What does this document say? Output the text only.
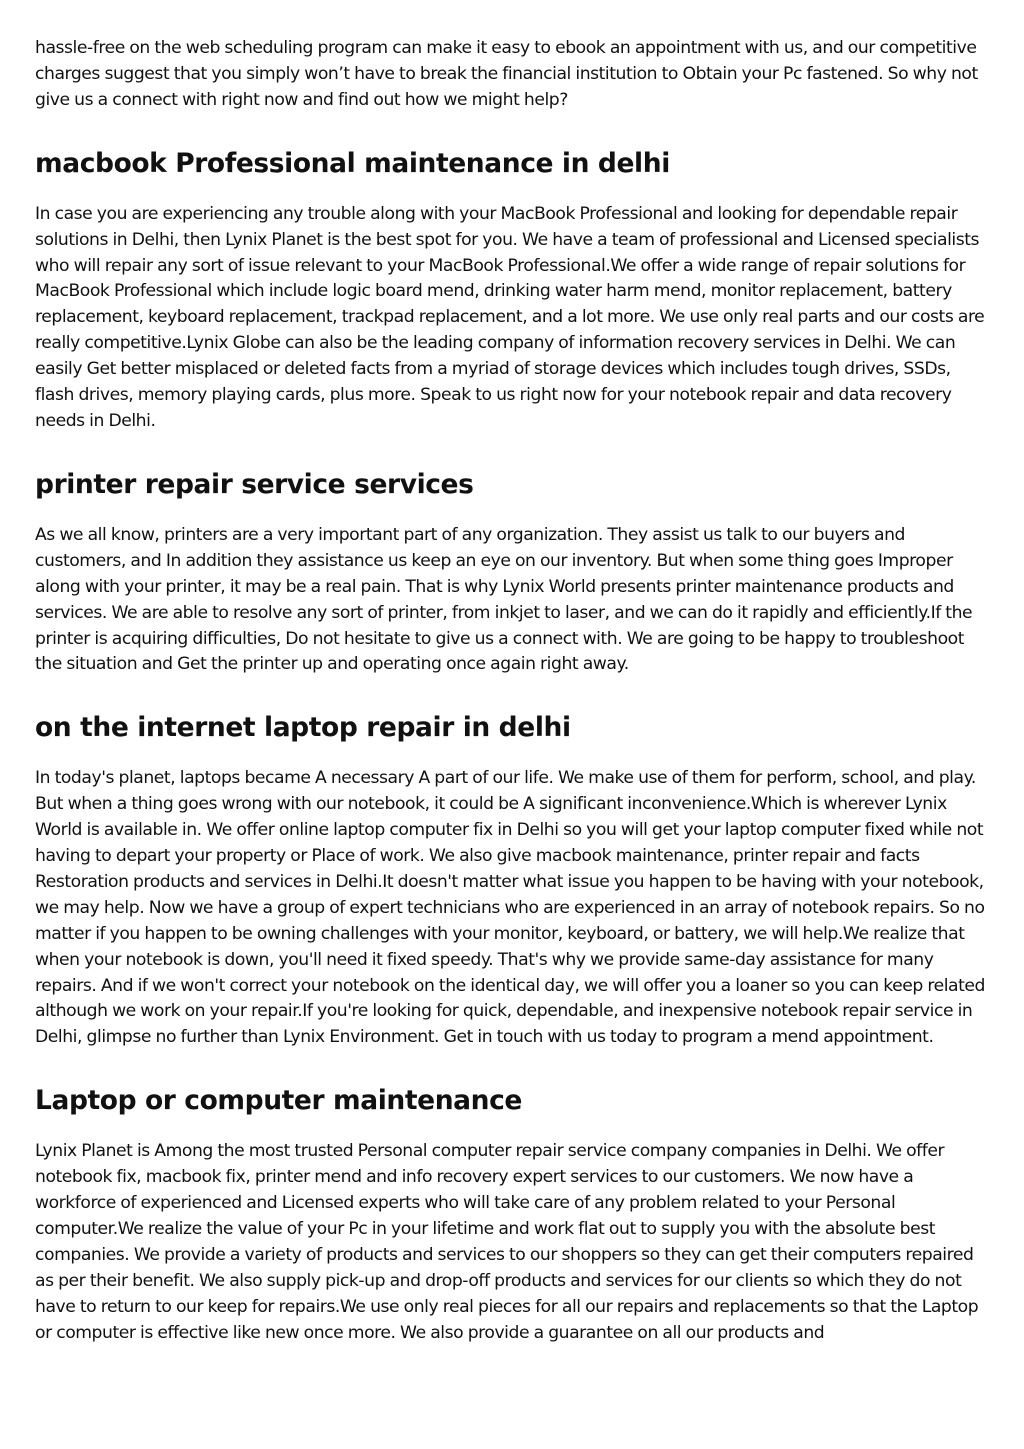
hassle-free on the web scheduling program can make it easy to ebook an appointment with us, and our competitive charges suggest that you simply won’t have to break the financial institution to Obtain your Pc fastened. So why not give us a connect with right now and find out how we might help?

macbook Professional maintenance in delhi

In case you are experiencing any trouble along with your MacBook Professional and looking for dependable repair solutions in Delhi, then Lynix Planet is the best spot for you. We have a team of professional and Licensed specialists who will repair any sort of issue relevant to your MacBook Professional.We offer a wide range of repair solutions for MacBook Professional which include logic board mend, drinking water harm mend, monitor replacement, battery replacement, keyboard replacement, trackpad replacement, and a lot more. We use only real parts and our costs are really competitive.Lynix Globe can also be the leading company of information recovery services in Delhi. We can easily Get better misplaced or deleted facts from a myriad of storage devices which includes tough drives, SSDs, flash drives, memory playing cards, plus more. Speak to us right now for your notebook repair and data recovery needs in Delhi.

printer repair service services

As we all know, printers are a very important part of any organization. They assist us talk to our buyers and customers, and In addition they assistance us keep an eye on our inventory. But when some thing goes Improper along with your printer, it may be a real pain. That is why Lynix World presents printer maintenance products and services. We are able to resolve any sort of printer, from inkjet to laser, and we can do it rapidly and efficiently.If the printer is acquiring difficulties, Do not hesitate to give us a connect with. We are going to be happy to troubleshoot the situation and Get the printer up and operating once again right away.

on the internet laptop repair in delhi

In today's planet, laptops became A necessary A part of our life. We make use of them for perform, school, and play. But when a thing goes wrong with our notebook, it could be A significant inconvenience.Which is wherever Lynix World is available in. We offer online laptop computer fix in Delhi so you will get your laptop computer fixed while not having to depart your property or Place of work. We also give macbook maintenance, printer repair and facts Restoration products and services in Delhi.It doesn't matter what issue you happen to be having with your notebook, we may help. Now we have a group of expert technicians who are experienced in an array of notebook repairs. So no matter if you happen to be owning challenges with your monitor, keyboard, or battery, we will help.We realize that when your notebook is down, you'll need it fixed speedy. That's why we provide same-day assistance for many repairs. And if we won't correct your notebook on the identical day, we will offer you a loaner so you can keep related although we work on your repair.If you're looking for quick, dependable, and inexpensive notebook repair service in Delhi, glimpse no further than Lynix Environment. Get in touch with us today to program a mend appointment.

Laptop or computer maintenance

Lynix Planet is Among the most trusted Personal computer repair service company companies in Delhi. We offer notebook fix, macbook fix, printer mend and info recovery expert services to our customers. We now have a workforce of experienced and Licensed experts who will take care of any problem related to your Personal computer.We realize the value of your Pc in your lifetime and work flat out to supply you with the absolute best companies. We provide a variety of products and services to our shoppers so they can get their computers repaired as per their benefit. We also supply pick-up and drop-off products and services for our clients so which they do not have to return to our keep for repairs.We use only real pieces for all our repairs and replacements so that the Laptop or computer is effective like new once more. We also provide a guarantee on all our products and
